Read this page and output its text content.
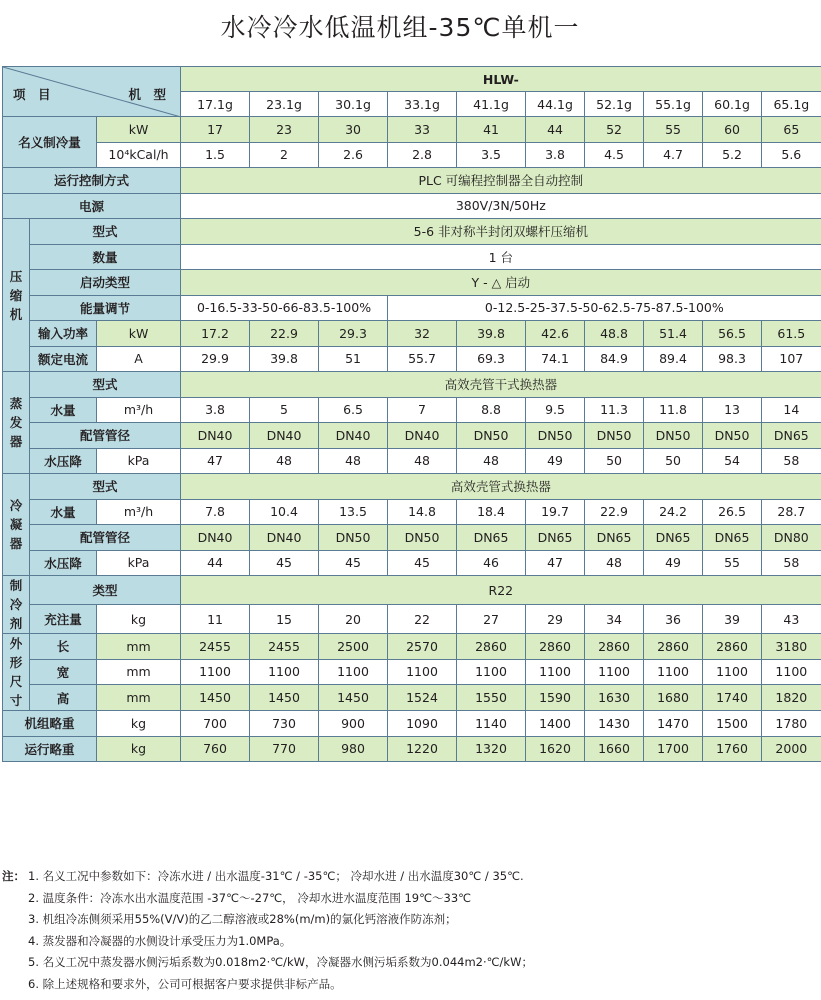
水冷冷水低温机组-35℃单机一
项　目 机　型			HLW-									
			17.1g	23.1g	30.1g	33.1g	41.1g	44.1g	52.1g	55.1g	60.1g	65.1g
名义制冷量		kW	17	23	30	33	41	44	52	55	60	65
		10⁴kCal/h	1.5	2	2.6	2.8	3.5	3.8	4.5	4.7	5.2	5.6
运行控制方式			PLC 可编程控制器全自动控制									
电源			380V/3N/50Hz									

压
缩
机	型式		5-6 非对称半封闭双螺杆压缩机									
	数量		1 台									
	启动类型		Y - △ 启动									
	能量调节		0-16.5-33-50-66-83.5-100%			0-12.5-25-37.5-50-62.5-75-87.5-100%						
	输入功率	kW	17.2	22.9	29.3	32	39.8	42.6	48.8	51.4	56.5	61.5
	额定电流	A	29.9	39.8	51	55.7	69.3	74.1	84.9	89.4	98.3	107

蒸
发
器	型式		高效壳管干式换热器									
	水量	m³/h	3.8	5	6.5	7	8.8	9.5	11.3	11.8	13	14
	配管管径		DN40	DN40	DN40	DN40	DN50	DN50	DN50	DN50	DN50	DN65
	水压降	kPa	47	48	48	48	48	49	50	50	54	58

冷
凝
器	型式		高效壳管式换热器									
	水量	m³/h	7.8	10.4	13.5	14.8	18.4	19.7	22.9	24.2	26.5	28.7
	配管管径		DN40	DN40	DN50	DN50	DN65	DN65	DN65	DN65	DN65	DN80
	水压降	kPa	44	45	45	45	46	47	48	49	55	58

制
冷
剂	类型		R22									
	充注量	kg	11	15	20	22	27	29	34	36	39	43

外
形
尺
寸	长	mm	2455	2455	2500	2570	2860	2860	2860	2860	2860	3180
	宽	mm	1100	1100	1100	1100	1100	1100	1100	1100	1100	1100
	高	mm	1450	1450	1450	1524	1550	1590	1630	1680	1740	1820
机组略重		kg	700	730	900	1090	1140	1400	1430	1470	1500	1780
运行略重		kg	760	770	980	1220	1320	1620	1660	1700	1760	2000
注： 1. 名义工况中参数如下：冷冻水进 / 出水温度-31℃ / -35℃； 冷却水进 / 出水温度30℃ / 35℃.
2. 温度条件：冷冻水出水温度范围 -37℃～-27℃， 冷却水进水温度范围 19℃～33℃
3. 机组冷冻侧须采用55%(V/V)的乙二醇溶液或28%(m/m)的氯化钙溶液作防冻剂；
4. 蒸发器和冷凝器的水侧设计承受压力为1.0MPa。
5. 名义工况中蒸发器水侧污垢系数为0.018m2·℃/kW，冷凝器水侧污垢系数为0.044m2·℃/kW；
6. 除上述规格和要求外，公司可根据客户要求提供非标产品。
